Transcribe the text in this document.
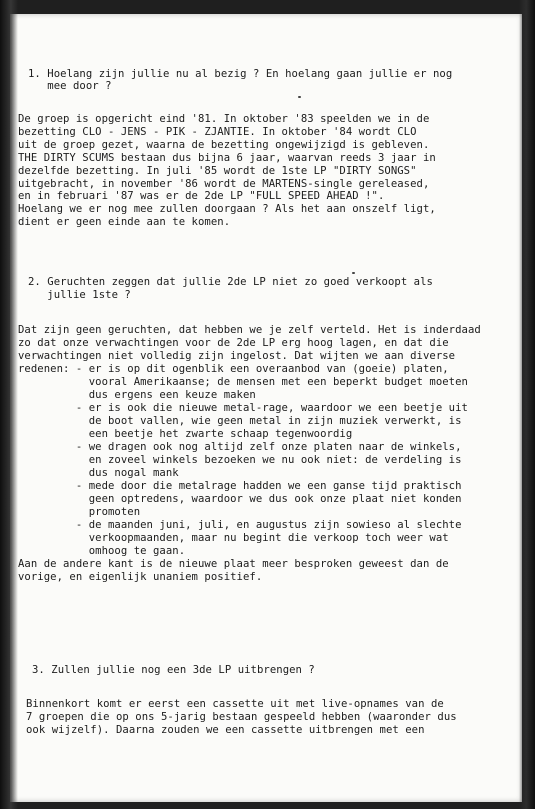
1. Hoelang zijn jullie nu al bezig ? En hoelang gaan jullie er nog
mee door ?
De groep is opgericht eind '81. In oktober '83 speelden we in de
bezetting CLO - JENS - PIK - ZJANTIE. In oktober '84 wordt CLO
uit de groep gezet, waarna de bezetting ongewijzigd is gebleven.
THE DIRTY SCUMS bestaan dus bijna 6 jaar, waarvan reeds 3 jaar in
dezelfde bezetting. In juli '85 wordt de 1ste LP "DIRTY SONGS"
uitgebracht, in november '86 wordt de MARTENS-single gereleased,
en in februari '87 was er de 2de LP "FULL SPEED AHEAD !".
Hoelang we er nog mee zullen doorgaan ? Als het aan onszelf ligt,
dient er geen einde aan te komen.
2. Geruchten zeggen dat jullie 2de LP niet zo goed verkoopt als
jullie 1ste ?
Dat zijn geen geruchten, dat hebben we je zelf verteld. Het is inderdaad
zo dat onze verwachtingen voor de 2de LP erg hoog lagen, en dat die
verwachtingen niet volledig zijn ingelost. Dat wijten we aan diverse
redenen: - er is op dit ogenblik een overaanbod van (goeie) platen,
vooral Amerikaanse; de mensen met een beperkt budget moeten
dus ergens een keuze maken
- er is ook die nieuwe metal-rage, waardoor we een beetje uit
de boot vallen, wie geen metal in zijn muziek verwerkt, is
een beetje het zwarte schaap tegenwoordig
- we dragen ook nog altijd zelf onze platen naar de winkels,
en zoveel winkels bezoeken we nu ook niet: de verdeling is
dus nogal mank
- mede door die metalrage hadden we een ganse tijd praktisch
geen optredens, waardoor we dus ook onze plaat niet konden
promoten
- de maanden juni, juli, en augustus zijn sowieso al slechte
verkoopmaanden, maar nu begint die verkoop toch weer wat
omhoog te gaan.
Aan de andere kant is de nieuwe plaat meer besproken geweest dan de
vorige, en eigenlijk unaniem positief.
3. Zullen jullie nog een 3de LP uitbrengen ?
Binnenkort komt er eerst een cassette uit met live-opnames van de
7 groepen die op ons 5-jarig bestaan gespeeld hebben (waaronder dus
ook wijzelf). Daarna zouden we een cassette uitbrengen met een
